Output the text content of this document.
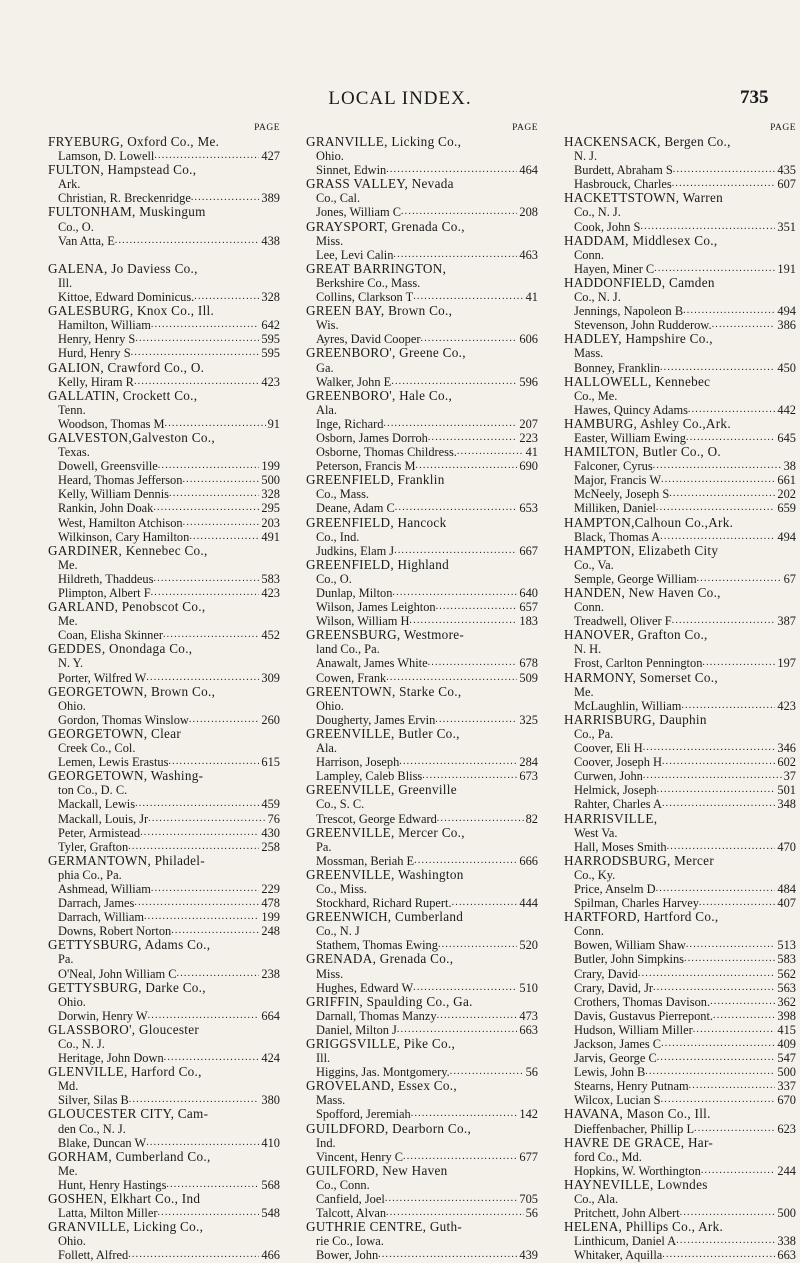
LOCAL INDEX.	735
PAGE
FRYEBURG, Oxford Co., Me.
Lamson, D. Lowell .....	427
FULTON, Hampstead Co.,
Ark.
Christian, R. Breckenridge .....	389
FULTONHAM, Muskingum
Co., O.
Van Atta, E .....	438

GALENA, Jo Daviess Co.,
Ill.
Kittoe, Edward Dominicus. .....	328
GALESBURG, Knox Co., Ill.
Hamilton, William .....	642
Henry, Henry S .....	595
Hurd, Henry S .....	595
GALION, Crawford Co., O.
Kelly, Hiram R .....	423
GALLATIN, Crockett Co.,
Tenn.
Woodson, Thomas M .....	91
GALVESTON,Galveston Co.,
Texas.
Dowell, Greensville .....	199
Heard, Thomas Jefferson .....	500
Kelly, William Dennis .....	328
Rankin, John Doak .....	295
West, Hamilton Atchison .....	203
Wilkinson, Cary Hamilton .....	491
GARDINER, Kennebec Co.,
Me.
Hildreth, Thaddeus .....	583
Plimpton, Albert F .....	423
GARLAND, Penobscot Co.,
Me.
Coan, Elisha Skinner .....	452
GEDDES, Onondaga Co.,
N. Y.
Porter, Wilfred W .....	309
GEORGETOWN, Brown Co.,
Ohio.
Gordon, Thomas Winslow .....	260
GEORGETOWN, Clear
Creek Co., Col.
Lemen, Lewis Erastus .....	615
GEORGETOWN, Washing-
ton Co., D. C.
Mackall, Lewis .....	459
Mackall, Louis, Jr .....	76
Peter, Armistead .....	430
Tyler, Grafton .....	258
GERMANTOWN, Philadel-
phia Co., Pa.
Ashmead, William .....	229
Darrach, James .....	478
Darrach, William .....	199
Downs, Robert Norton .....	248
GETTYSBURG, Adams Co.,
Pa.
O'Neal, John William C .....	238
GETTYSBURG, Darke Co.,
Ohio.
Dorwin, Henry W .....	664
GLASSBORO', Gloucester
Co., N. J.
Heritage, John Down .....	424
GLENVILLE, Harford Co.,
Md.
Silver, Silas B .....	380
GLOUCESTER CITY, Cam-
den Co., N. J.
Blake, Duncan W .....	410
GORHAM, Cumberland Co.,
Me.
Hunt, Henry Hastings .....	568
GOSHEN, Elkhart Co., Ind
Latta, Milton Miller .....	548
GRANVILLE, Licking Co.,
Ohio.
Follett, Alfred .....	466
PAGE
GRANVILLE, Licking Co.,
Ohio.
Sinnet, Edwin .....	464
GRASS VALLEY, Nevada
Co., Cal.
Jones, William C .....	208
GRAYSPORT, Grenada Co.,
Miss.
Lee, Levi Calin .....	463
GREAT BARRINGTON,
Berkshire Co., Mass.
Collins, Clarkson T .....	41
GREEN BAY, Brown Co.,
Wis.
Ayres, David Cooper .....	606
GREENBORO', Greene Co.,
Ga.
Walker, John E .....	596
GREENBORO', Hale Co.,
Ala.
Inge, Richard .....	207
Osborn, James Dorroh .....	223
Osborne, Thomas Childress. .....	41
Peterson, Francis M .....	690
GREENFIELD, Franklin
Co., Mass.
Deane, Adam C .....	653
GREENFIELD, Hancock
Co., Ind.
Judkins, Elam J .....	667
GREENFIELD, Highland
Co., O.
Dunlap, Milton .....	640
Wilson, James Leighton .....	657
Wilson, William H .....	183
GREENSBURG, Westmore-
land Co., Pa.
Anawalt, James White .....	678
Cowen, Frank .....	509
GREENTOWN, Starke Co.,
Ohio.
Dougherty, James Ervin .....	325
GREENVILLE, Butler Co.,
Ala.
Harrison, Joseph .....	284
Lampley, Caleb Bliss .....	673
GREENVILLE, Greenville
Co., S. C.
Trescot, George Edward .....	82
GREENVILLE, Mercer Co.,
Pa.
Mossman, Beriah E .....	666
GREENVILLE, Washington
Co., Miss.
Stockhard, Richard Rupert. .....	444
GREENWICH, Cumberland
Co., N. J
Stathem, Thomas Ewing .....	520
GRENADA, Grenada Co.,
Miss.
Hughes, Edward W .....	510
GRIFFIN, Spaulding Co., Ga.
Darnall, Thomas Manzy .....	473
Daniel, Milton J .....	663
GRIGGSVILLE, Pike Co.,
Ill.
Higgins, Jas. Montgomery. .....	56
GROVELAND, Essex Co.,
Mass.
Spofford, Jeremiah .....	142
GUILDFORD, Dearborn Co.,
Ind.
Vincent, Henry C .....	677
GUILFORD, New Haven
Co., Conn.
Canfield, Joel .....	705
Talcott, Alvan .....	56
GUTHRIE CENTRE, Guth-
rie Co., Iowa.
Bower, John .....	439
PAGE
HACKENSACK, Bergen Co.,
N. J.
Burdett, Abraham S .....	435
Hasbrouck, Charles .....	607
HACKETTSTOWN, Warren
Co., N. J.
Cook, John S .....	351
HADDAM, Middlesex Co.,
Conn.
Hayen, Miner C .....	191
HADDONFIELD, Camden
Co., N. J.
Jennings, Napoleon B .....	494
Stevenson, John Rudderow. .....	386
HADLEY, Hampshire Co.,
Mass.
Bonney, Franklin .....	450
HALLOWELL, Kennebec
Co., Me.
Hawes, Quincy Adams .....	442
HAMBURG, Ashley Co.,Ark.
Easter, William Ewing .....	645
HAMILTON, Butler Co., O.
Falconer, Cyrus .....	38
Major, Francis W .....	661
McNeely, Joseph S .....	202
Milliken, Daniel .....	659
HAMPTON,Calhoun Co.,Ark.
Black, Thomas A .....	494
HAMPTON, Elizabeth City
Co., Va.
Semple, George William .....	67
HANDEN, New Haven Co.,
Conn.
Treadwell, Oliver F .....	387
HANOVER, Grafton Co.,
N. H.
Frost, Carlton Pennington .....	197
HARMONY, Somerset Co.,
Me.
McLaughlin, William .....	423
HARRISBURG, Dauphin
Co., Pa.
Coover, Eli H .....	346
Coover, Joseph H .....	602
Curwen, John .....	37
Helmick, Joseph .....	501
Rahter, Charles A .....	348
HARRISVILLE,
West Va.
Hall, Moses Smith .....	470
HARRODSBURG, Mercer
Co., Ky.
Price, Anselm D .....	484
Spilman, Charles Harvey .....	407
HARTFORD, Hartford Co.,
Conn.
Bowen, William Shaw .....	513
Butler, John Simpkins .....	583
Crary, David .....	562
Crary, David, Jr .....	563
Crothers, Thomas Davison. .....	362
Davis, Gustavus Pierrepont. .....	398
Hudson, William Miller .....	415
Jackson, James C .....	409
Jarvis, George C .....	547
Lewis, John B .....	500
Stearns, Henry Putnam .....	337
Wilcox, Lucian S .....	670
HAVANA, Mason Co., Ill.
Dieffenbacher, Phillip L .....	623
HAVRE DE GRACE, Har-
ford Co., Md.
Hopkins, W. Worthington .....	244
HAYNEVILLE, Lowndes
Co., Ala.
Pritchett, John Albert .....	500
HELENA, Phillips Co., Ark.
Linthicum, Daniel A .....	338
Whitaker, Aquilla .....	663
